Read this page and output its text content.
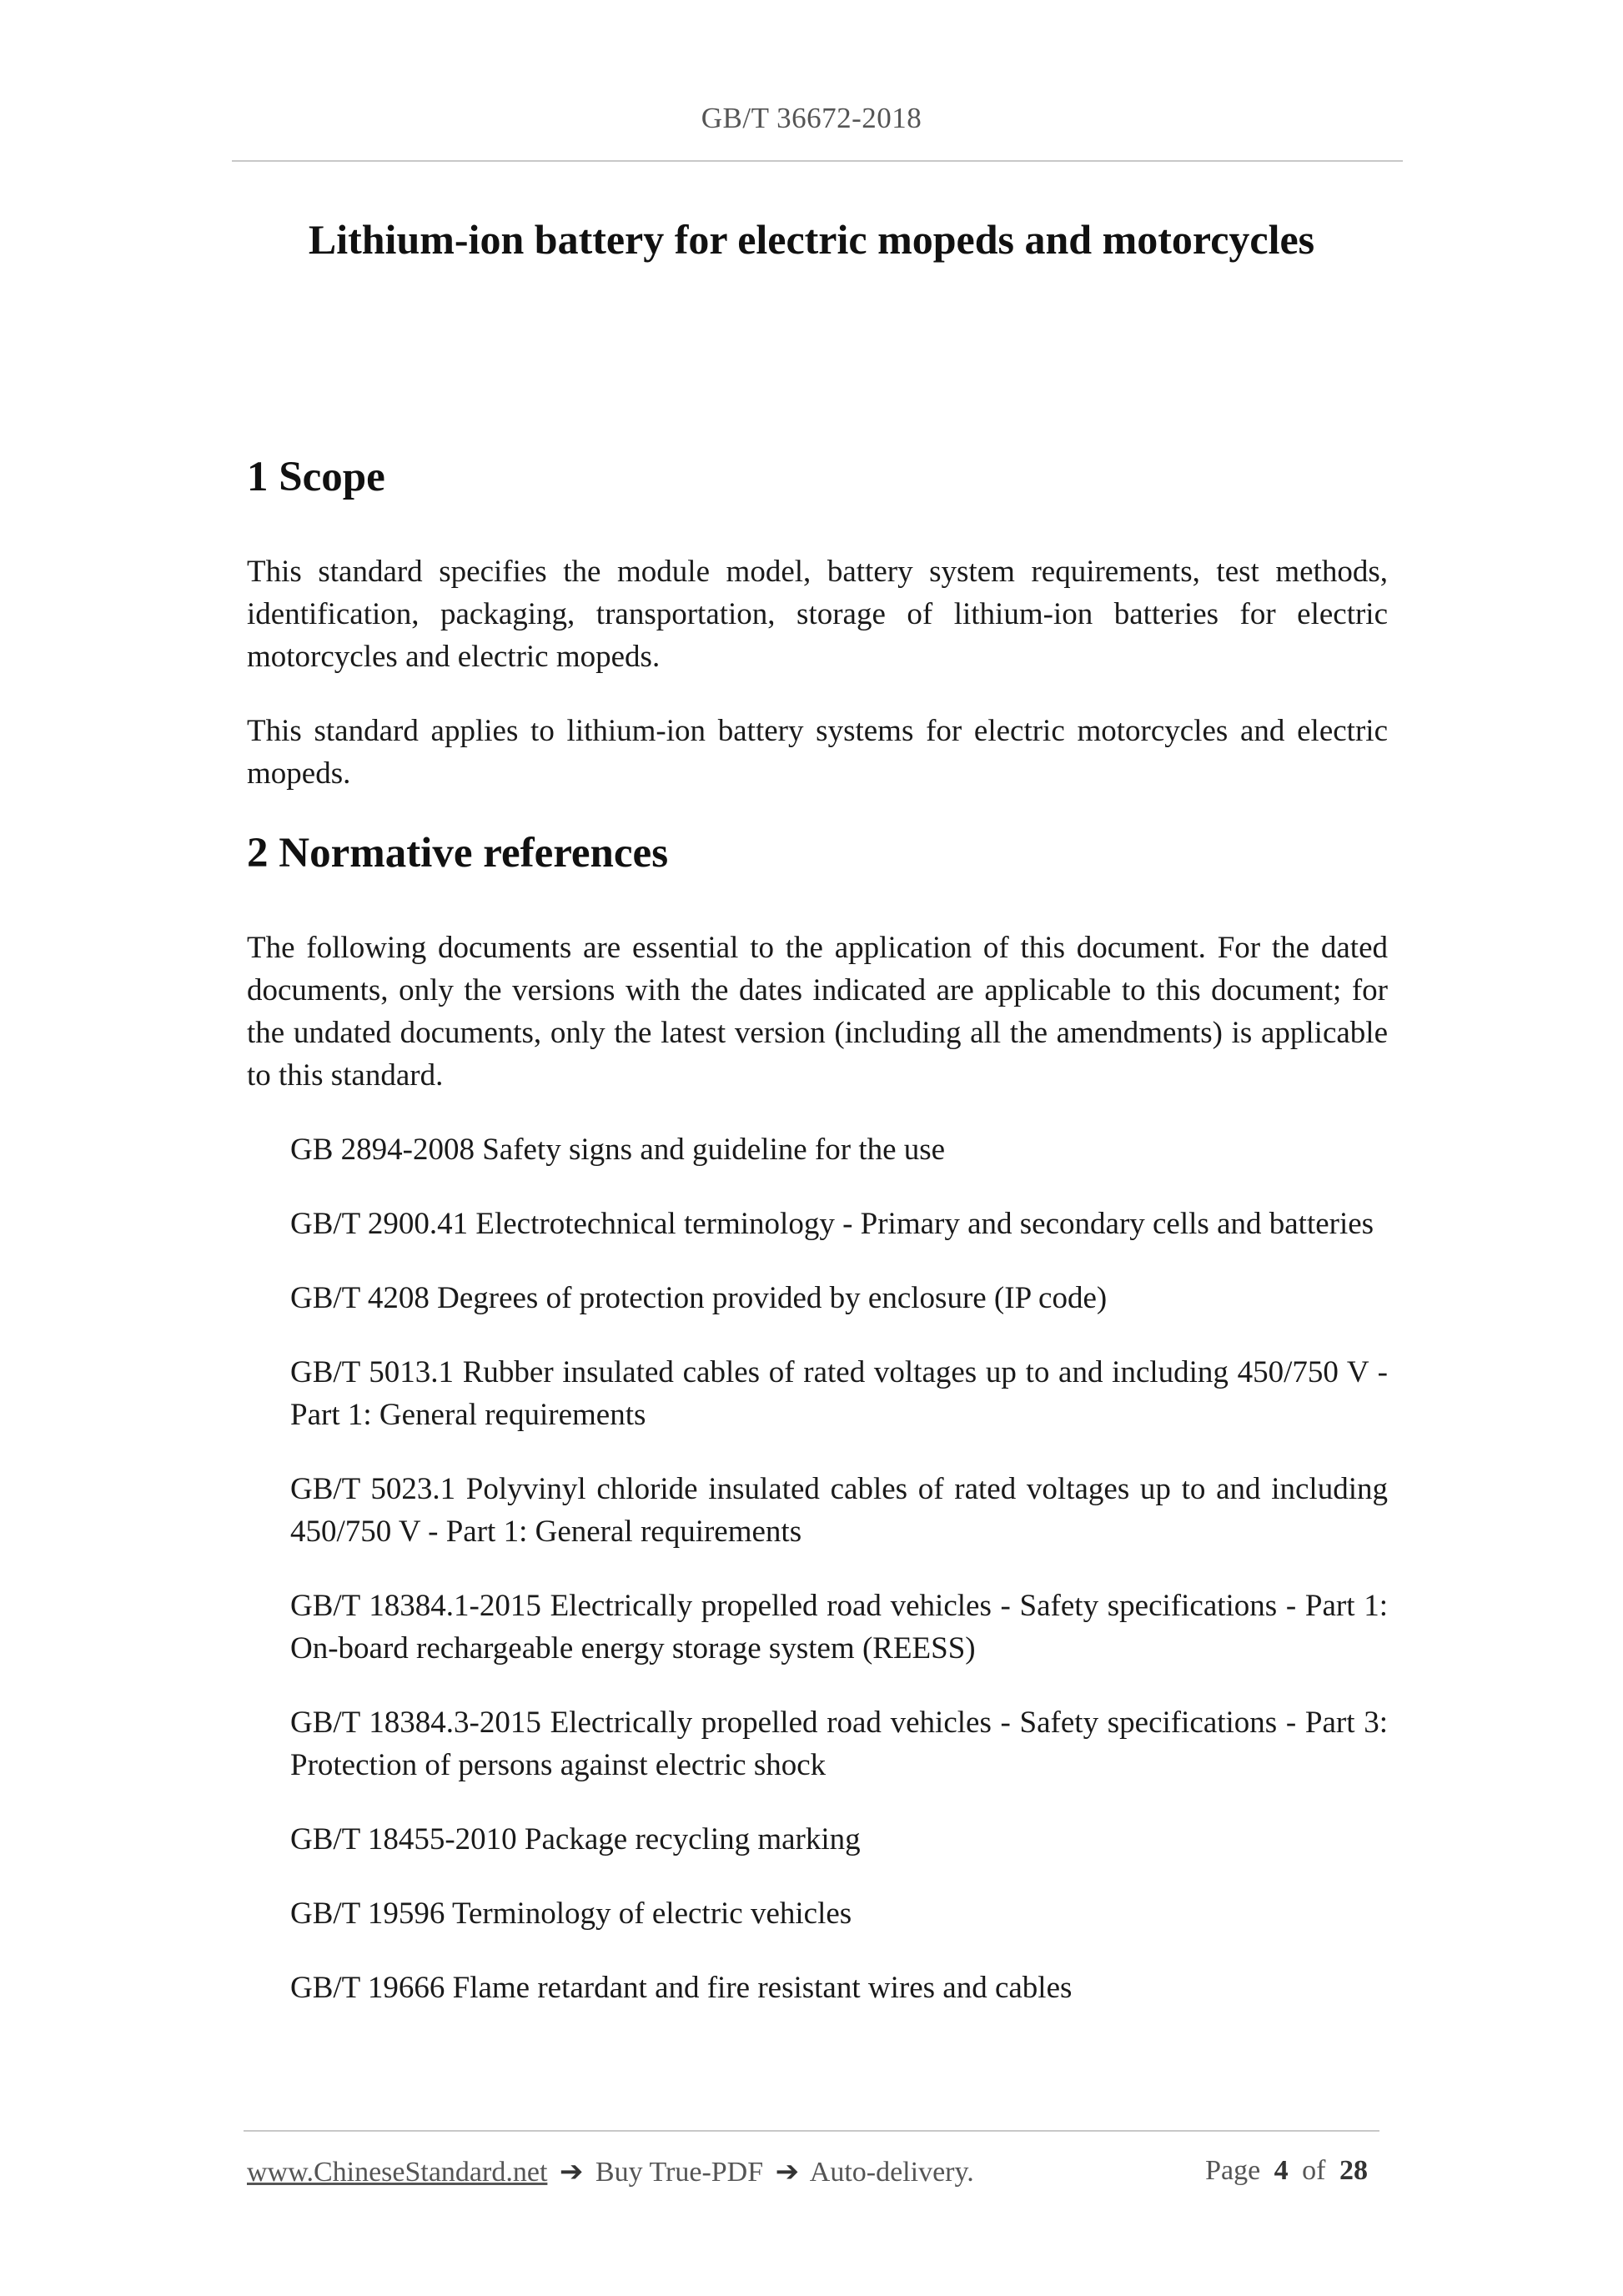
GB/T 36672-2018
Lithium-ion battery for electric mopeds and motorcycles
1 Scope

This standard specifies the module model, battery system requirements, test methods, identification, packaging, transportation, storage of lithium-ion batteries for electric motorcycles and electric mopeds.

This standard applies to lithium-ion battery systems for electric motorcycles and electric mopeds.

2 Normative references

The following documents are essential to the application of this document. For the dated documents, only the versions with the dates indicated are applicable to this document; for the undated documents, only the latest version (including all the amendments) is applicable to this standard.

GB 2894-2008 Safety signs and guideline for the use
GB/T 2900.41 Electrotechnical terminology - Primary and secondary cells and batteries
GB/T 4208 Degrees of protection provided by enclosure (IP code)
GB/T 5013.1 Rubber insulated cables of rated voltages up to and including 450/750 V - Part 1: General requirements
GB/T 5023.1 Polyvinyl chloride insulated cables of rated voltages up to and including 450/750 V - Part 1: General requirements
GB/T 18384.1-2015 Electrically propelled road vehicles - Safety specifications - Part 1: On-board rechargeable energy storage system (REESS)
GB/T 18384.3-2015 Electrically propelled road vehicles - Safety specifications - Part 3: Protection of persons against electric shock
GB/T 18455-2010 Package recycling marking
GB/T 19596 Terminology of electric vehicles
GB/T 19666 Flame retardant and fire resistant wires and cables
www.ChineseStandard.net ➔ Buy True-PDF ➔ Auto-delivery.	Page 4 of 28
